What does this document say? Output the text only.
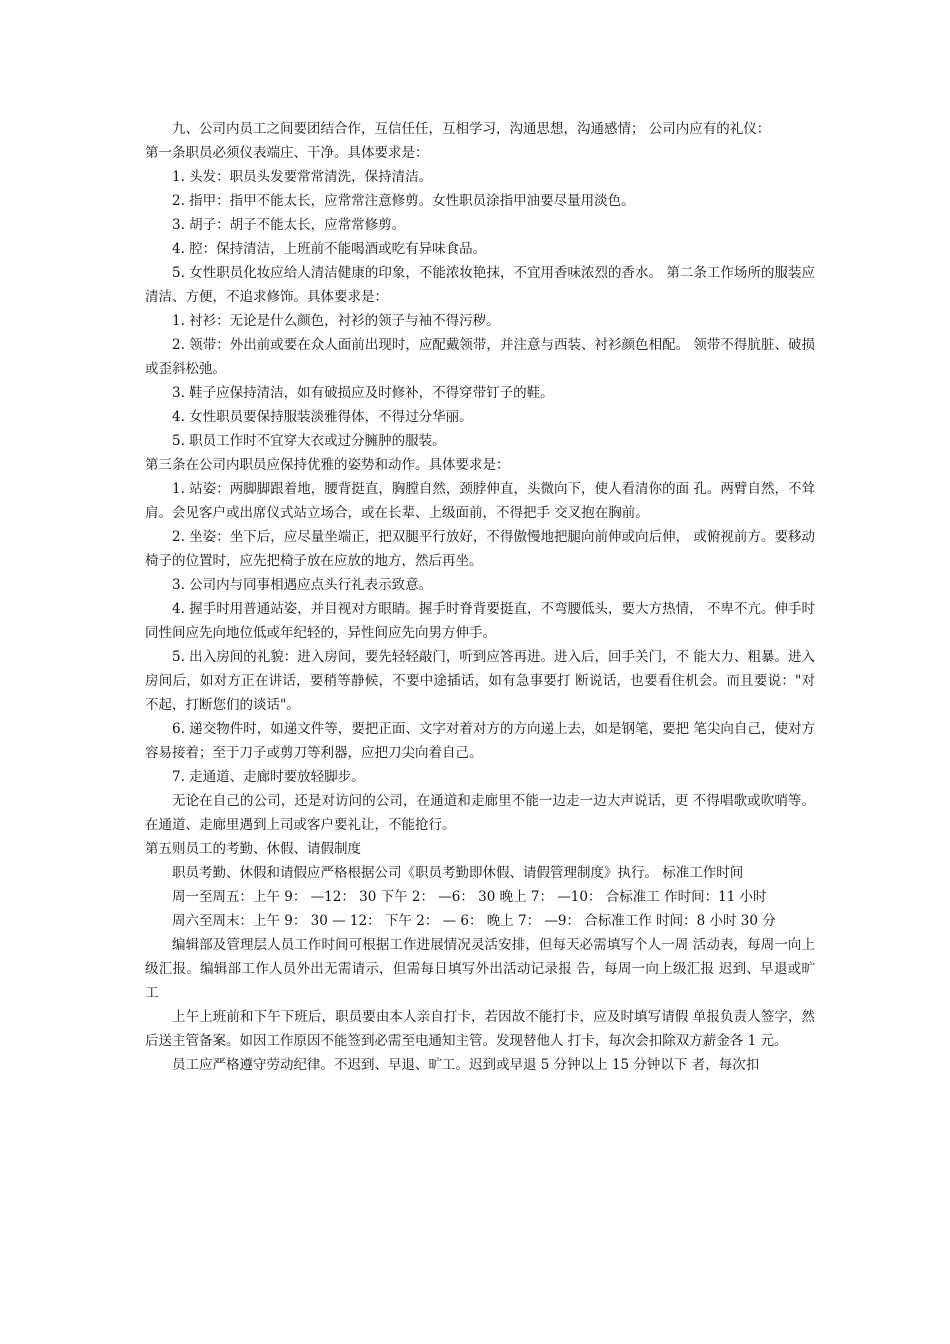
九、公司内员工之间要团结合作，互信任任，互相学习，沟通思想，沟通感情； 公司内应有的礼仪：

第一条职员必须仪表端庄、干净。具体要求是：

1. 头发：职员头发要常常清洗，保持清洁。

2. 指甲：指甲不能太长，应常常注意修剪。女性职员涂指甲油要尽量用淡色。

3. 胡子：胡子不能太长，应常常修剪。

4. 腔：保持清洁，上班前不能喝酒或吃有异味食品。

5. 女性职员化妆应给人清洁健康的印象，不能浓妆艳抹，不宜用香味浓烈的香水。 第二条工作场所的服装应清洁、方便，不追求修饰。具体要求是：

1. 衬衫：无论是什么颜色，衬衫的领子与袖不得污秽。

2. 领带：外出前或要在众人面前出现时，应配戴领带，并注意与西装、衬衫颜色相配。 领带不得肮脏、破损或歪斜松弛。

3. 鞋子应保持清洁，如有破损应及时修补，不得穿带钉子的鞋。

4. 女性职员要保持服装淡雅得体，不得过分华丽。

5. 职员工作时不宜穿大衣或过分臃肿的服装。

第三条在公司内职员应保持优雅的姿势和动作。具体要求是：

1. 站姿：两脚脚跟着地，腰背挺直，胸膛自然，颈脖伸直，头微向下，使人看清你的面 孔。两臂自然，不耸肩。会见客户或出席仪式站立场合，或在长辈、上级面前，不得把手 交叉抱在胸前。

2. 坐姿：坐下后，应尽量坐端正，把双腿平行放好，不得傲慢地把腿向前伸或向后伸， 或俯视前方。要移动椅子的位置时，应先把椅子放在应放的地方，然后再坐。

3. 公司内与同事相遇应点头行礼表示致意。

4. 握手时用普通站姿，并目视对方眼睛。握手时脊背要挺直，不弯腰低头，要大方热情， 不卑不亢。伸手时同性间应先向地位低或年纪轻的，异性间应先向男方伸手。

5. 出入房间的礼貌：进入房间，要先轻轻敲门，听到应答再进。进入后，回手关门，不 能大力、粗暴。进入房间后，如对方正在讲话，要稍等静候，不要中途插话，如有急事要打 断说话，也要看住机会。而且要说："对不起，打断您们的谈话"。

6. 递交物件时，如递文件等，要把正面、文字对着对方的方向递上去，如是钢笔，要把 笔尖向自己，使对方容易接着；至于刀子或剪刀等利器，应把刀尖向着自己。

7. 走通道、走廊时要放轻脚步。

无论在自己的公司，还是对访问的公司，在通道和走廊里不能一边走一边大声说话，更 不得唱歌或吹哨等。在通道、走廊里遇到上司或客户要礼让，不能抢行。

第五则员工的考勤、休假、请假制度

职员考勤、休假和请假应严格根据公司《职员考勤即休假、请假管理制度》执行。 标准工作时间

周一至周五：上午 9： —12： 30 下午 2： —6： 30 晚上 7： —10： 合标准工 作时间：11 小时

周六至周末：上午 9： 30 — 12： 下午 2： — 6： 晚上 7： —9： 合标准工作 时间：8 小时 30 分

编辑部及管理层人员工作时间可根据工作进展情况灵活安排，但每天必需填写个人一周 活动表，每周一向上级汇报。编辑部工作人员外出无需请示，但需每日填写外出活动记录报 告，每周一向上级汇报 迟到、早退或旷工

上午上班前和下午下班后，职员要由本人亲自打卡，若因故不能打卡，应及时填写请假 单报负责人签字，然后送主管备案。如因工作原因不能签到必需至电通知主管。发现替他人 打卡，每次会扣除双方薪金各 1 元。

员工应严格遵守劳动纪律。不迟到、早退、旷工。迟到或早退 5 分钟以上 15 分钟以下 者，每次扣
